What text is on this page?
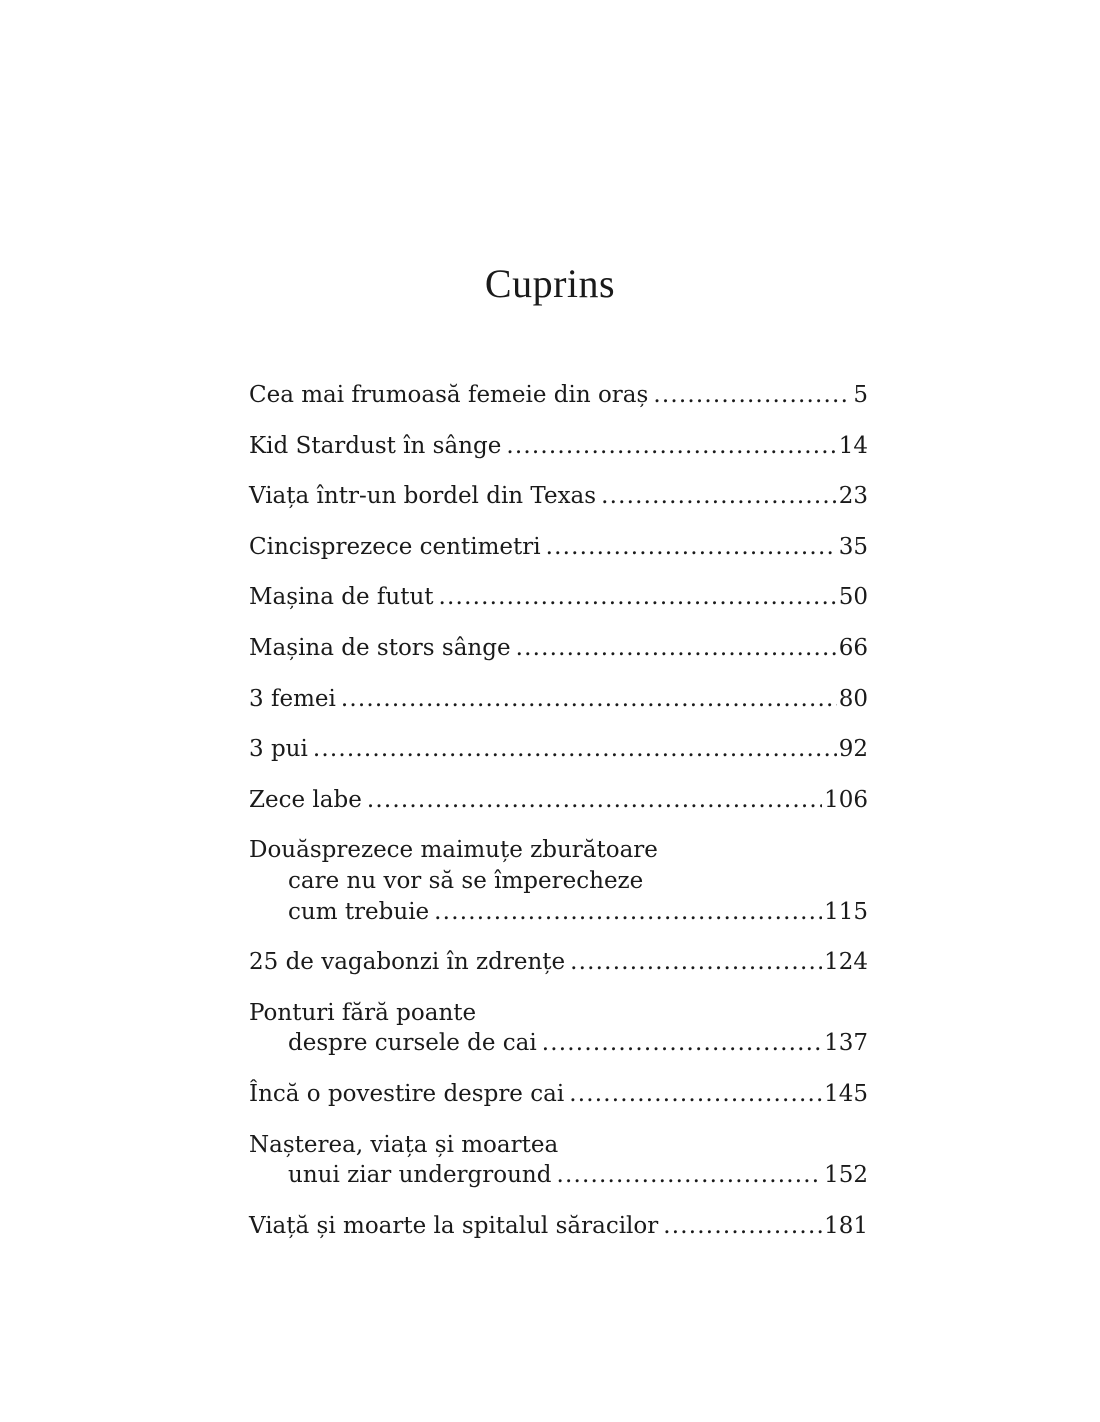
Cuprins
Cea mai frumoasă femeie din oraș .....	5
Kid Stardust în sânge .....	14
Viața într-un bordel din Texas .....	23
Cincisprezece centimetri .....	35
Mașina de futut .....	50
Mașina de stors sânge .....	66
3 femei .....	80
3 pui .....	92
Zece labe .....	106
Douăsprezece maimuțe zburătoare
care nu vor să se împerecheze
cum trebuie .....	115
25 de vagabonzi în zdrențe .....	124
Ponturi fără poante
despre cursele de cai .....	137
Încă o povestire despre cai .....	145
Nașterea, viața și moartea
unui ziar underground .....	152
Viață și moarte la spitalul săracilor .....	181
